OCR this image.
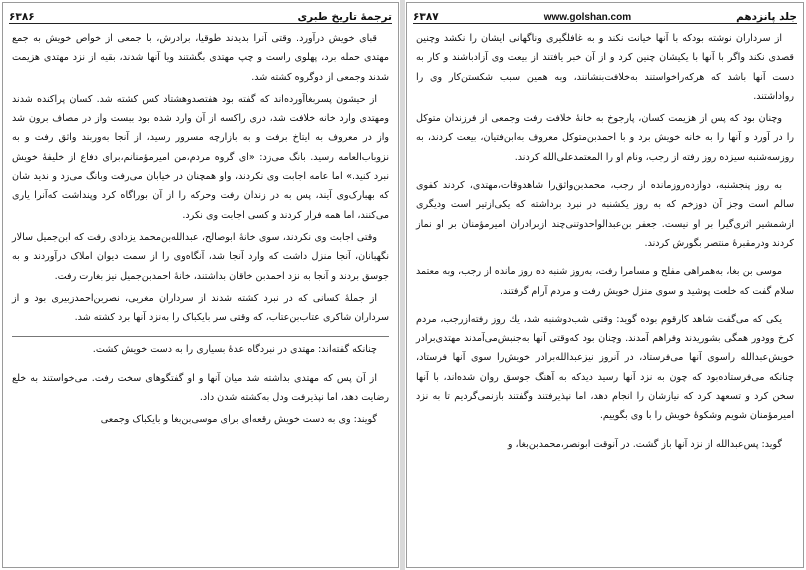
ترجمهٔ تاریخ طبری
۶۳۸۶

قبای خویش درآورد. وقتی آنرا بدیدند طوقیا، برادرش، با جمعی از خواص خویش به جمع مهتدی حمله برد، پهلوی راست و چپ مهتدی بگشتند ویا آنها شدند، بقیه از نزد مهتدی هزیمت شدند وجمعی از دوگروه کشته شد.

از حیشون پسربغاآورده‌اند که گفته بود هفتصدوهشتاد کس کشته شد. کسان پراکنده شدند ومهتدی وارد خانه خلافت شد، دری راکسه از آن وارد شده بود ببست واز در مصاف برون شد واز در معروف به ایتاخ برفت و به بازارچه مسرور رسید، از آنجا به‌وربند واثق رفت و به نزوباب‌العامه رسید. بانگ می‌زد: «ای گروه مردم،من امیرمؤمنانم،برای دفاع از خلیفهٔ خویش نبرد کنید.» اما عامه اجابت وی نکردند، واو همچنان در خیابان می‌رفت وبانگ می‌زد و ندید شان که بهبارک‌وی آیند، پس به در زندان رفت وحرکه را از آن بوراگاه کرد وپنداشت که‌آنرا یاری می‌کنند، اما همه فرار کردند و کسی اجابت وی نکرد.

وقتی اجابت وی نکردند، سوی خانهٔ ابوصالح، عبدالله‌بن‌محمد یزدادی رفت که ابن‌جمیل سالار نگهبانان، آنجا منزل داشت که وارد آنجا شد، آنگاه‌وی را از سمت دیوان املاک درآوردند و به جوسق بردند و آنجا به نزد احمدبن خاقان بداشتند، خانهٔ احمدبن‌جمیل نیز بغارت رفت.

از جملهٔ کسانی که در نبرد کشته شدند از سرداران مغربی، نصربن‌احمدزبیری بود و از سرداران شاکری عتاب‌بن‌عتاب، که وقتی سر بایکباک را به‌نزد آنها برد کشته شد.

چنانکه گفته‌اند: مهتدی در نبردگاه عدهٔ بسیاری را به دست خویش کشت.

از آن پس که مهتدی بداشته شد میان آنها و او گفتگوهای سخت رفت. می‌خواستند به خلع رضایت دهد، اما نپذیرفت ودل به‌کشته شدن داد.

گویند: وی به دست خویش رقعه‌ای برای موسی‌بن‌بغا و بایکباک وجمعی

جلد پانزدهم
www.golshan.com
۶۳۸۷

از سرداران نوشته بودکه با آنها خیانت نکند و به غافلگیری وناگهانی ایشان را نکشد وچنین قصدی نکند واگر با آنها با یکیشان چنین کرد و از آن خبر یافتند از بیعت وی آزادباشند و کار به دست آنها باشد که هرکه‌راخواستند به‌خلافت‌بنشانند، وبه همین سبب شکستن‌کار وی را رواداشتند.

وچنان بود که پس از هزیمت کسان، پارجوخ به خانهٔ خلافت رفت وجمعی از فرزندان متوکل را در آورد و آنها را به خانه خویش برد و با احمدبن‌متوکل معروف به‌ابن‌فتیان، بیعت کردند، به روزسه‌شنبه سیزده روز رفته از رجب، ونام او را المعتمدعلی‌الله کردند.

به روز پنجشنبه، دوازده‌روزمانده از رجب، محمدبن‌واثق‌را شاهدوقات،مهتدی، کردند کفوی سالم است وجز آن دوزخم که به روز یکشنبه در نبرد برداشته که یکی‌ازتیر است ودیگری ازشمشیر اثری‌گیرا بر او نیست. جعفر بن‌عبدالواحدوتنی‌چند ازبرادران امیرمؤمنان بر او نماز کردند ودرمقبرهٔ منتصر بگورش کردند.

موسی بن بغا، به‌همراهی مفلح و مسامرا رفت، به‌روز شنبه ده روز مانده از رجب، وبه معتمد سلام گفت که خلعت پوشید و سوی منزل خویش رفت و مردم آرام گرفتند.

یکی که می‌گفت شاهد کارقوم بوده گوید: وقتی شب‌دوشنبه شد، یك روز رفته‌ازرجب، مردم کرخ وودور همگی بشوریدند وفراهم آمدند. وچنان بود که‌وقتی آنها به‌جنبش‌می‌آمدند مهتدی‌برادر خویش‌عبدالله راسوی آنها می‌فرستاد، در آنروز نیزعبدالله‌برادر خویش‌را سوی آنها فرستاد، چنانکه می‌فرستاده‌بود که چون به نزد آنها رسید دیدکه به آهنگ جوسق روان شده‌اند، با آنها سخن کرد و تسعهد کرد که نیازشان را انجام دهد، اما نپذیرفتند وگفتند بازنمی‌گردیم تا به نزد امیرمؤمنان شویم وشکوهٔ خویش را با وی بگوییم.

گوید: پس‌عبدالله از نزد آنها باز گشت. در آنوقت ابونصر،محمدبن‌بغا، و
